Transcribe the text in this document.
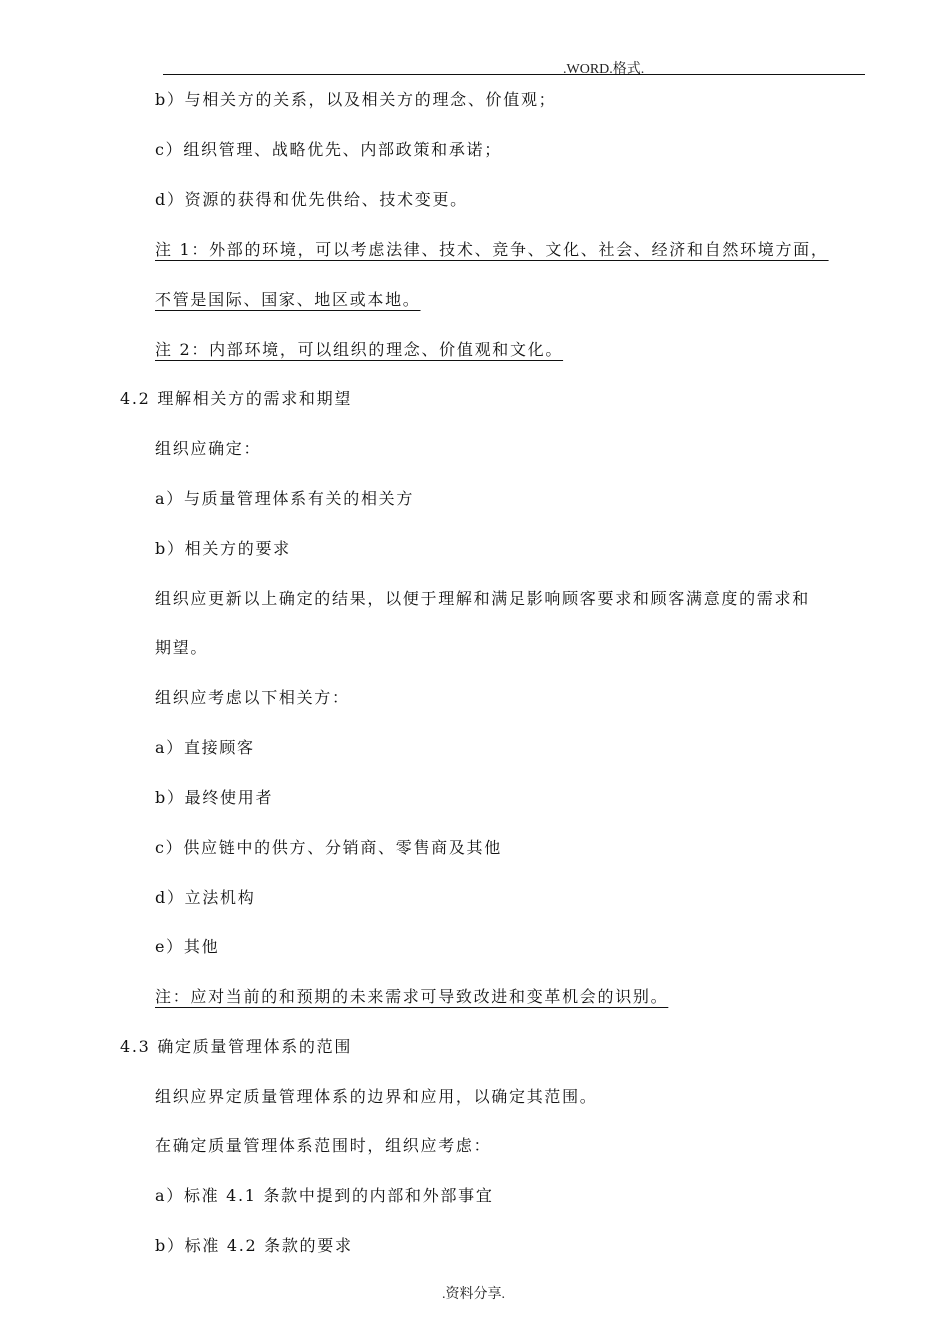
.WORD.格式.
b）与相关方的关系，以及相关方的理念、价值观；
c）组织管理、战略优先、内部政策和承诺；
d）资源的获得和优先供给、技术变更。
注 1：外部的环境，可以考虑法律、技术、竞争、文化、社会、经济和自然环境方面，
不管是国际、国家、地区或本地。
注 2：内部环境，可以组织的理念、价值观和文化。
4.2 理解相关方的需求和期望
组织应确定：
a）与质量管理体系有关的相关方
b）相关方的要求
组织应更新以上确定的结果，以便于理解和满足影响顾客要求和顾客满意度的需求和
期望。
组织应考虑以下相关方：
a）直接顾客
b）最终使用者
c）供应链中的供方、分销商、零售商及其他
d）立法机构
e）其他
注：应对当前的和预期的未来需求可导致改进和变革机会的识别。
4.3 确定质量管理体系的范围
组织应界定质量管理体系的边界和应用，以确定其范围。
在确定质量管理体系范围时，组织应考虑：
a）标准 4.1 条款中提到的内部和外部事宜
b）标准 4.2 条款的要求
.资料分享.
